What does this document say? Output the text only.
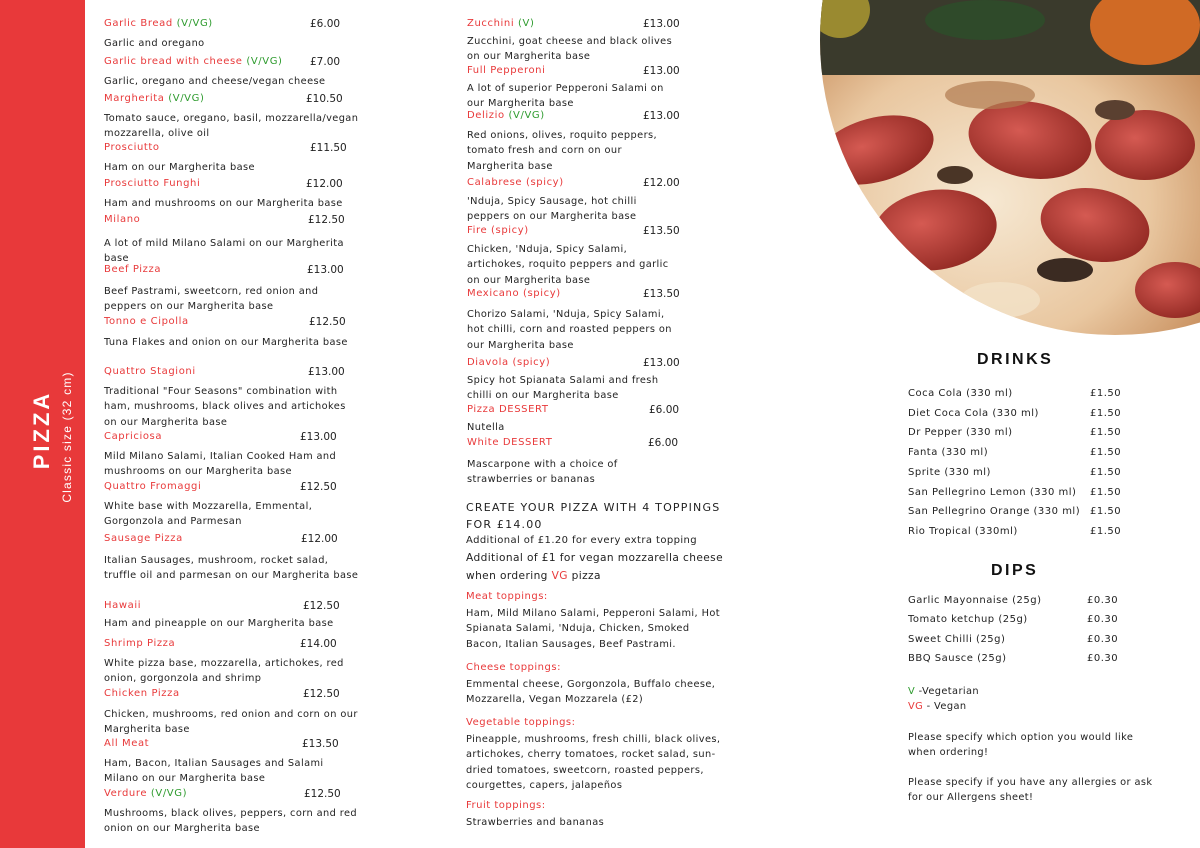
PIZZA Classic size (32 cm)
Garlic Bread (V/VG)	£6.00
Garlic and oregano
Garlic bread with cheese (V/VG)	£7.00
Garlic, oregano and cheese/vegan cheese
Margherita (V/VG)	£10.50
Tomato sauce, oregano, basil, mozzarella/vegan mozzarella, olive oil
Prosciutto	£11.50
Ham on our Margherita base
Prosciutto Funghi	£12.00
Ham and mushrooms on our Margherita base
Milano	£12.50
A lot of mild Milano Salami on our Margherita base
Beef Pizza	£13.00
Beef Pastrami, sweetcorn, red onion and peppers on our Margherita base
Tonno e Cipolla	£12.50
Tuna Flakes and onion on our Margherita base
Quattro Stagioni	£13.00
Traditional "Four Seasons" combination with ham, mushrooms, black olives and artichokes on our Margherita base
Capriciosa	£13.00
Mild Milano Salami, Italian Cooked Ham and mushrooms on our Margherita base
Quattro Fromaggi	£12.50
White base with Mozzarella, Emmental, Gorgonzola and Parmesan
Sausage Pizza	£12.00
Italian Sausages, mushroom, rocket salad, truffle oil and parmesan on our Margherita base
Hawaii	£12.50
Ham and pineapple on our Margherita base
Shrimp Pizza	£14.00
White pizza base, mozzarella, artichokes, red onion, gorgonzola and shrimp
Chicken Pizza	£12.50
Chicken, mushrooms, red onion and corn on our Margherita base
All Meat	£13.50
Ham, Bacon, Italian Sausages and Salami Milano on our Margherita base
Verdure (V/VG)	£12.50
Mushrooms, black olives, peppers, corn and red onion on our Margherita base
Zucchini (V)	£13.00
Zucchini, goat cheese and black olives on our Margherita base
Full Pepperoni	£13.00
A lot of superior Pepperoni Salami on our Margherita base
Delizio (V/VG)	£13.00
Red onions, olives, roquito peppers, tomato fresh and corn on our Margherita base
Calabrese (spicy)	£12.00
'Nduja, Spicy Sausage, hot chilli peppers on our Margherita base
Fire (spicy)	£13.50
Chicken, 'Nduja, Spicy Salami, artichokes, roquito peppers and garlic on our Margherita base
Mexicano (spicy)	£13.50
Chorizo Salami, 'Nduja, Spicy Salami, hot chilli, corn and roasted peppers on our Margherita base
Diavola (spicy)	£13.00
Spicy hot Spianata Salami and fresh chilli on our Margherita base
Pizza DESSERT	£6.00
Nutella
White DESSERT	£6.00
Mascarpone with a choice of strawberries or bananas
CREATE YOUR PIZZA WITH 4 TOPPINGS
FOR £14.00
Additional of £1.20 for every extra topping
Additional of £1 for vegan mozzarella cheese
when ordering VG pizza
Meat toppings:
Ham, Mild Milano Salami, Pepperoni Salami, Hot Spianata Salami, 'Nduja, Chicken, Smoked Bacon, Italian Sausages, Beef Pastrami.
Cheese toppings:
Emmental cheese, Gorgonzola, Buffalo cheese, Mozzarella, Vegan Mozzarela (£2)
Vegetable toppings:
Pineapple, mushrooms, fresh chilli, black olives, artichokes, cherry tomatoes, rocket salad, sun-dried tomatoes, sweetcorn, roasted peppers, courgettes, capers, jalapeños
Fruit toppings:
Strawberries and bananas
DRINKS
Coca Cola (330 ml)	£1.50
Diet Coca Cola (330 ml)	£1.50
Dr Pepper (330 ml)	£1.50
Fanta (330 ml)	£1.50
Sprite (330 ml)	£1.50
San Pellegrino Lemon (330 ml) £1.50
San Pellegrino Orange (330 ml) £1.50
Rio Tropical (330ml)	£1.50
DIPS
Garlic Mayonnaise (25g)	£0.30
Tomato ketchup (25g)	£0.30
Sweet Chilli (25g)	£0.30
BBQ Sausce (25g)	£0.30
V -Vegetarian
VG - Vegan
Please specify which option you would like when ordering!
Please specify if you have any allergies or ask for our Allergens sheet!
